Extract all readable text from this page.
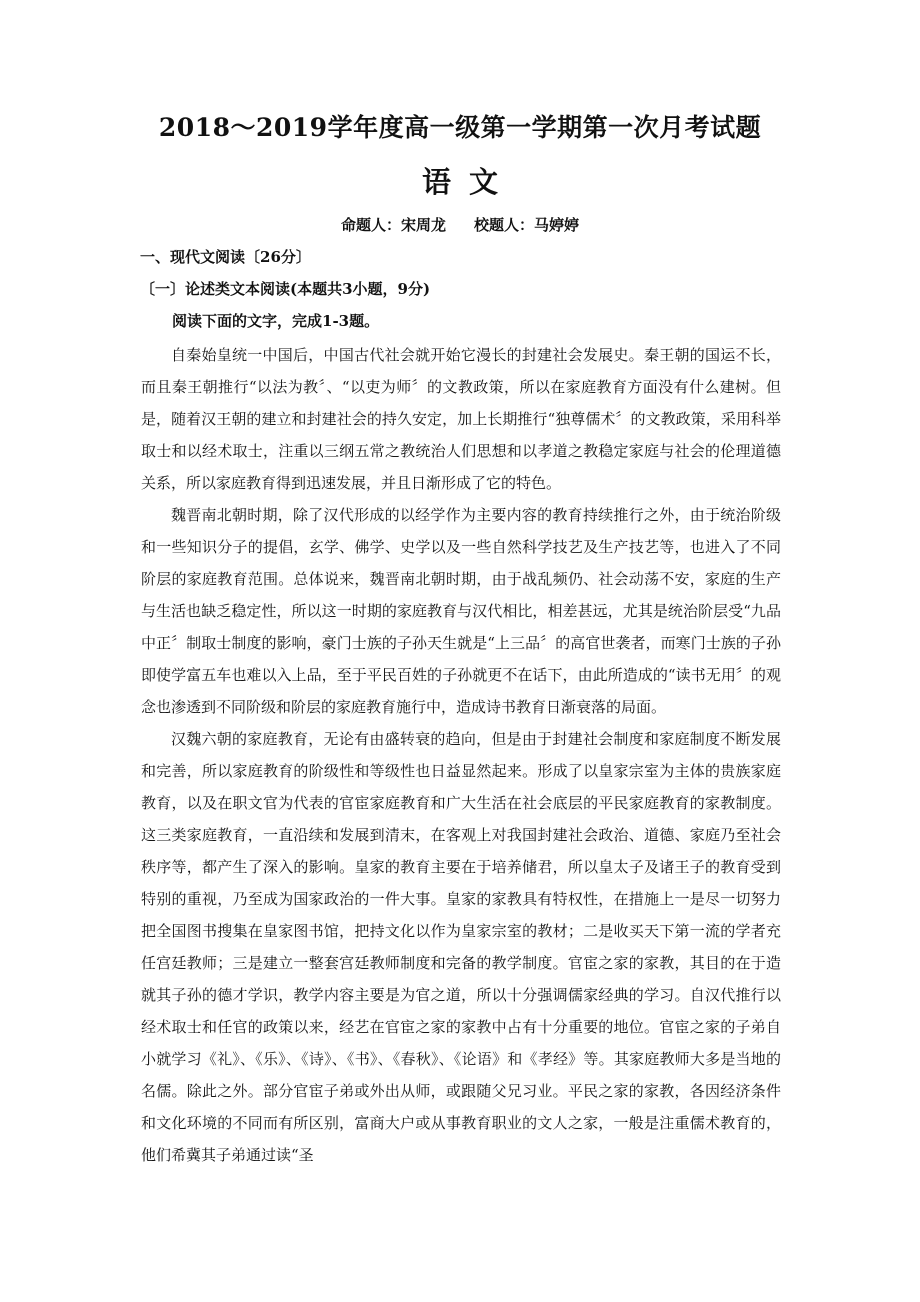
2018～2019学年度高一级第一学期第一次月考试题
语文
命题人：宋周龙 校题人：马婷婷
一、现代文阅读〔26分〕
〔一〕论述类文本阅读(本题共3小题，9分)
阅读下面的文字，完成1-3题。

自秦始皇统一中国后，中国古代社会就开始它漫长的封建社会发展史。秦王朝的国运不长，而且秦王朝推行“以法为教〞、“以吏为师〞的文教政策，所以在家庭教育方面没有什么建树。但是，随着汉王朝的建立和封建社会的持久安定，加上长期推行“独尊儒术〞的文教政策，采用科举取士和以经术取士，注重以三纲五常之教统治人们思想和以孝道之教稳定家庭与社会的伦理道德关系，所以家庭教育得到迅速发展，并且日渐形成了它的特色。

魏晋南北朝时期，除了汉代形成的以经学作为主要内容的教育持续推行之外，由于统治阶级和一些知识分子的提倡，玄学、佛学、史学以及一些自然科学技艺及生产技艺等，也进入了不同阶层的家庭教育范围。总体说来，魏晋南北朝时期，由于战乱频仍、社会动荡不安，家庭的生产与生活也缺乏稳定性，所以这一时期的家庭教育与汉代相比，相差甚远，尤其是统治阶层受“九品中正〞制取士制度的影响，豪门士族的子孙天生就是“上三品〞的高官世袭者，而寒门士族的子孙即使学富五车也难以入上品，至于平民百姓的子孙就更不在话下，由此所造成的“读书无用〞的观念也渗透到不同阶级和阶层的家庭教育施行中，造成诗书教育日渐衰落的局面。

汉魏六朝的家庭教育，无论有由盛转衰的趋向，但是由于封建社会制度和家庭制度不断发展和完善，所以家庭教育的阶级性和等级性也日益显然起来。形成了以皇家宗室为主体的贵族家庭教育，以及在职文官为代表的官宦家庭教育和广大生活在社会底层的平民家庭教育的家教制度。这三类家庭教育，一直沿续和发展到清末，在客观上对我国封建社会政治、道德、家庭乃至社会秩序等，都产生了深入的影响。皇家的教育主要在于培养储君，所以皇太子及诸王子的教育受到特别的重视，乃至成为国家政治的一件大事。皇家的家教具有特权性，在措施上一是尽一切努力把全国图书搜集在皇家图书馆，把持文化以作为皇家宗室的教材；二是收买天下第一流的学者充任宫廷教师；三是建立一整套宫廷教师制度和完备的教学制度。官宦之家的家教，其目的在于造就其子孙的德才学识，教学内容主要是为官之道，所以十分强调儒家经典的学习。自汉代推行以经术取士和任官的政策以来，经艺在官宦之家的家教中占有十分重要的地位。官宦之家的子弟自小就学习《礼》、《乐》、《诗》、《书》、《春秋》、《论语》和《孝经》等。其家庭教师大多是当地的名儒。除此之外。部分官宦子弟或外出从师，或跟随父兄习业。平民之家的家教，各因经济条件和文化环境的不同而有所区别，富商大户或从事教育职业的文人之家，一般是注重儒术教育的，他们希冀其子弟通过读“圣
